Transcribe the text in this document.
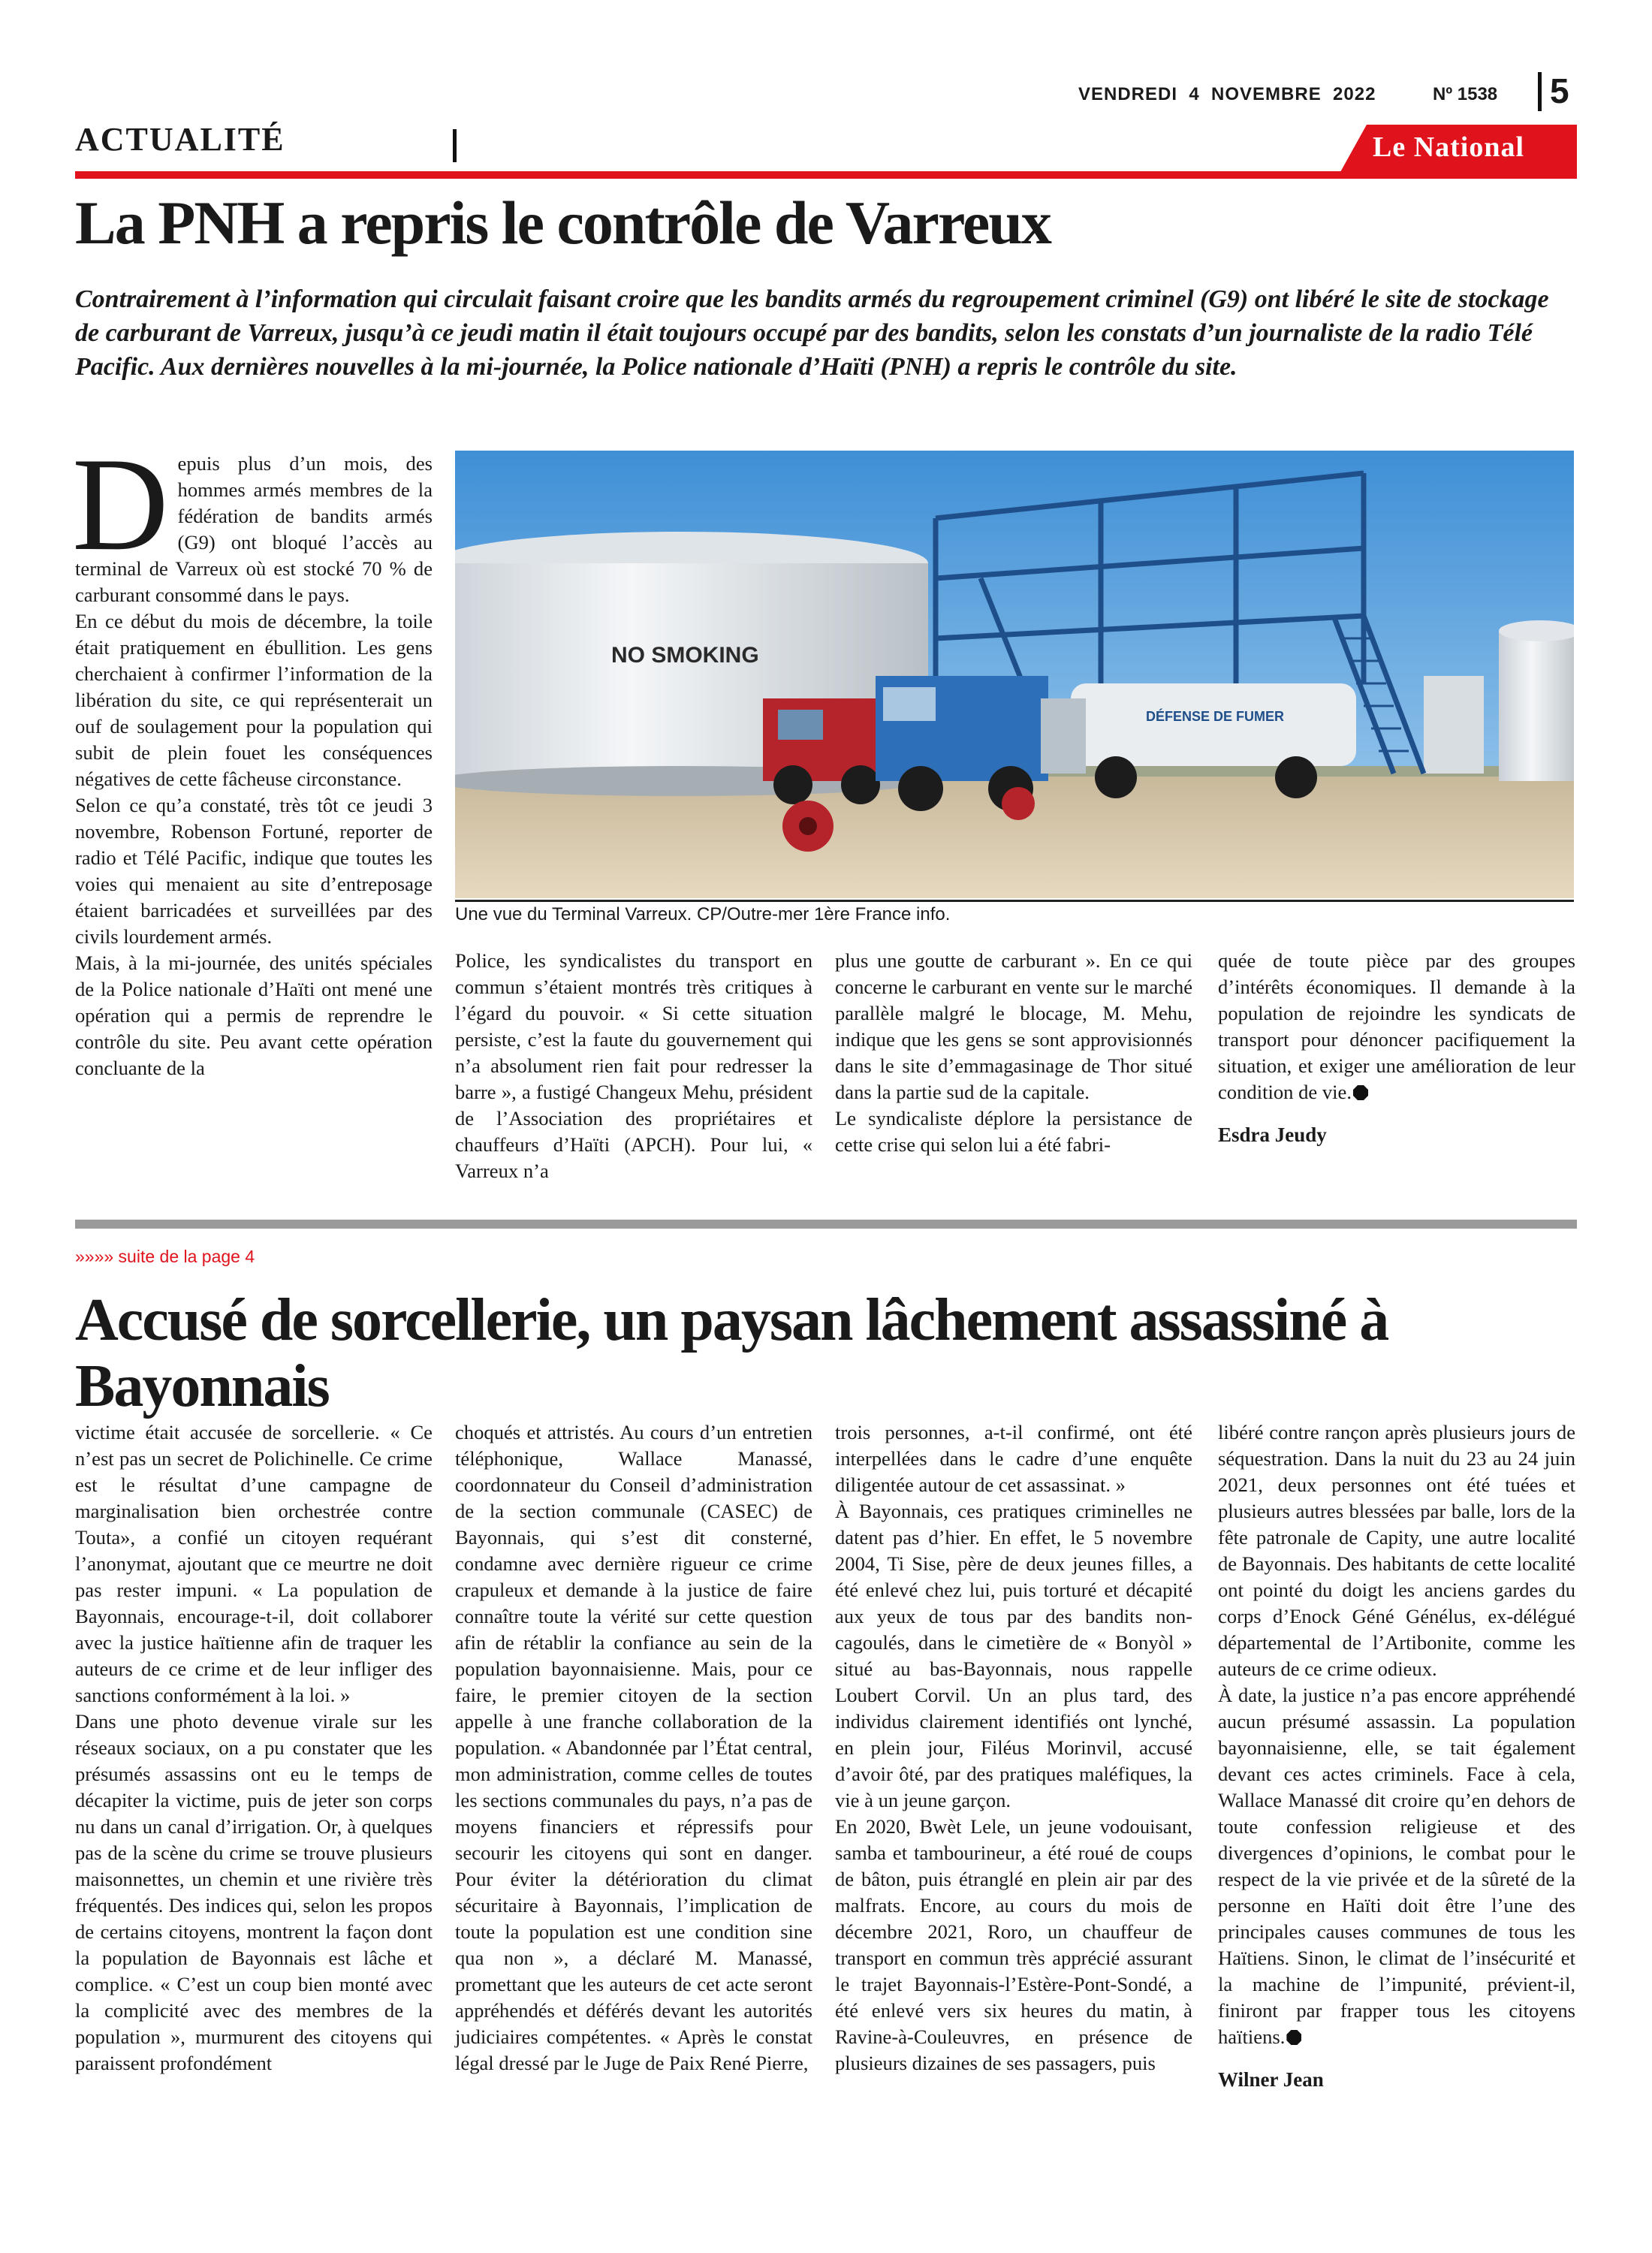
VENDREDI  4  NOVEMBRE  2022	Nº 1538 5
ACTUALITÉ	Le National
La PNH a repris le contrôle de Varreux
Contrairement à l’information qui circulait faisant croire que les bandits armés du regroupement criminel (G9) ont libéré le site de stockage de carburant de Varreux, jusqu’à ce jeudi matin il était toujours occupé par des bandits, selon les constats d’un journaliste de la radio Télé Pacific. Aux dernières nouvelles à la mi-journée, la Police nationale d’Haïti (PNH) a repris le contrôle du site.
D epuis plus d’un mois, des hommes armés membres de la fédération de bandits armés (G9) ont bloqué l’accès au terminal de Varreux où est stocké 70 % de carburant consommé dans le pays.

En ce début du mois de décembre, la toile était pratiquement en ébullition. Les gens cherchaient à confirmer l’information de la libération du site, ce qui représenterait un ouf de soulagement pour la population qui subit de plein fouet les conséquences négatives de cette fâcheuse circonstance.

Selon ce qu’a constaté, très tôt ce jeudi 3 novembre, Robenson Fortuné, reporter de radio et Télé Pacific, indique que toutes les voies qui menaient au site d’entreposage étaient barricadées et surveillées par des civils lourdement armés.

Mais, à la mi-journée, des unités spéciales de la Police nationale d’Haïti ont mené une opération qui a permis de reprendre le contrôle du site. Peu avant cette opération concluante de la

NO SMOKING
DÉFENSE DE FUMER
Une vue du Terminal Varreux. CP/Outre-mer 1ère France info.

Police, les syndicalistes du transport en commun s’étaient montrés très critiques à l’égard du pouvoir. « Si cette situation persiste, c’est la faute du gouvernement qui n’a absolument rien fait pour redresser la barre », a fustigé Changeux Mehu, président de l’Association des propriétaires et chauffeurs d’Haïti (APCH). Pour lui, « Varreux n’a

plus une goutte de carburant ». En ce qui concerne le carburant en vente sur le marché parallèle malgré le blocage, M. Mehu, indique que les gens se sont approvisionnés dans le site d’emmagasinage de Thor situé dans la partie sud de la capitale.

Le syndicaliste déplore la persistance de cette crise qui selon lui a été fabri-

quée de toute pièce par des groupes d’intérêts économiques. Il demande à la population de rejoindre les syndicats de transport pour dénoncer pacifiquement la situation, et exiger une amélioration de leur condition de vie.

Esdra Jeudy

»»»» suite de la page 4
Accusé de sorcellerie, un paysan lâchement assassiné à Bayonnais

victime était accusée de sorcellerie. « Ce n’est pas un secret de Polichinelle. Ce crime est le résultat d’une campagne de marginalisation bien orchestrée contre Touta», a confié un citoyen requérant l’anonymat, ajoutant que ce meurtre ne doit pas rester impuni. « La population de Bayonnais, encourage-t-il, doit collaborer avec la justice haïtienne afin de traquer les auteurs de ce crime et de leur infliger des sanctions conformément à la loi. »

Dans une photo devenue virale sur les réseaux sociaux, on a pu constater que les présumés assassins ont eu le temps de décapiter la victime, puis de jeter son corps nu dans un canal d’irrigation. Or, à quelques pas de la scène du crime se trouve plusieurs maisonnettes, un chemin et une rivière très fréquentés. Des indices qui, selon les propos de certains citoyens, montrent la façon dont la population de Bayonnais est lâche et complice. « C’est un coup bien monté avec la complicité avec des membres de la population », murmurent des citoyens qui paraissent profondément

choqués et attristés. Au cours d’un entretien téléphonique, Wallace Manassé, coordonnateur du Conseil d’administration de la section communale (CASEC) de Bayonnais, qui s’est dit consterné, condamne avec dernière rigueur ce crime crapuleux et demande à la justice de faire connaître toute la vérité sur cette question afin de rétablir la confiance au sein de la population bayonnaisienne. Mais, pour ce faire, le premier citoyen de la section appelle à une franche collaboration de la population. « Abandonnée par l’État central, mon administration, comme celles de toutes les sections communales du pays, n’a pas de moyens financiers et répressifs pour secourir les citoyens qui sont en danger. Pour éviter la détérioration du climat sécuritaire à Bayonnais, l’implication de toute la population est une condition sine qua non », a déclaré M. Manassé, promettant que les auteurs de cet acte seront appréhendés et déférés devant les autorités judiciaires compétentes. « Après le constat légal dressé par le Juge de Paix René Pierre,

trois personnes, a-t-il confirmé, ont été interpellées dans le cadre d’une enquête diligentée autour de cet assassinat. »

À Bayonnais, ces pratiques criminelles ne datent pas d’hier. En effet, le 5 novembre 2004, Ti Sise, père de deux jeunes filles, a été enlevé chez lui, puis torturé et décapité aux yeux de tous par des bandits non-cagoulés, dans le cimetière de « Bonyòl » situé au bas-Bayonnais, nous rappelle Loubert Corvil. Un an plus tard, des individus clairement identifiés ont lynché, en plein jour, Filéus Morinvil, accusé d’avoir ôté, par des pratiques maléfiques, la vie à un jeune garçon.

En 2020, Bwèt Lele, un jeune vodouisant, samba et tambourineur, a été roué de coups de bâton, puis étranglé en plein air par des malfrats. Encore, au cours du mois de décembre 2021, Roro, un chauffeur de transport en commun très apprécié assurant le trajet Bayonnais-l’Estère-Pont-Sondé, a été enlevé vers six heures du matin, à Ravine-à-Couleuvres, en présence de plusieurs dizaines de ses passagers, puis

libéré contre rançon après plusieurs jours de séquestration. Dans la nuit du 23 au 24 juin 2021, deux personnes ont été tuées et plusieurs autres blessées par balle, lors de la fête patronale de Capity, une autre localité de Bayonnais. Des habitants de cette localité ont pointé du doigt les anciens gardes du corps d’Enock Géné Génélus, ex-délégué départemental de l’Artibonite, comme les auteurs de ce crime odieux.

À date, la justice n’a pas encore appréhendé aucun présumé assassin. La population bayonnaisienne, elle, se tait également devant ces actes criminels. Face à cela, Wallace Manassé dit croire qu’en dehors de toute confession religieuse et des divergences d’opinions, le combat pour le respect de la vie privée et de la sûreté de la personne en Haïti doit être l’une des principales causes communes de tous les Haïtiens. Sinon, le climat de l’insécurité et la machine de l’impunité, prévient-il, finiront par frapper tous les citoyens haïtiens.

Wilner Jean
